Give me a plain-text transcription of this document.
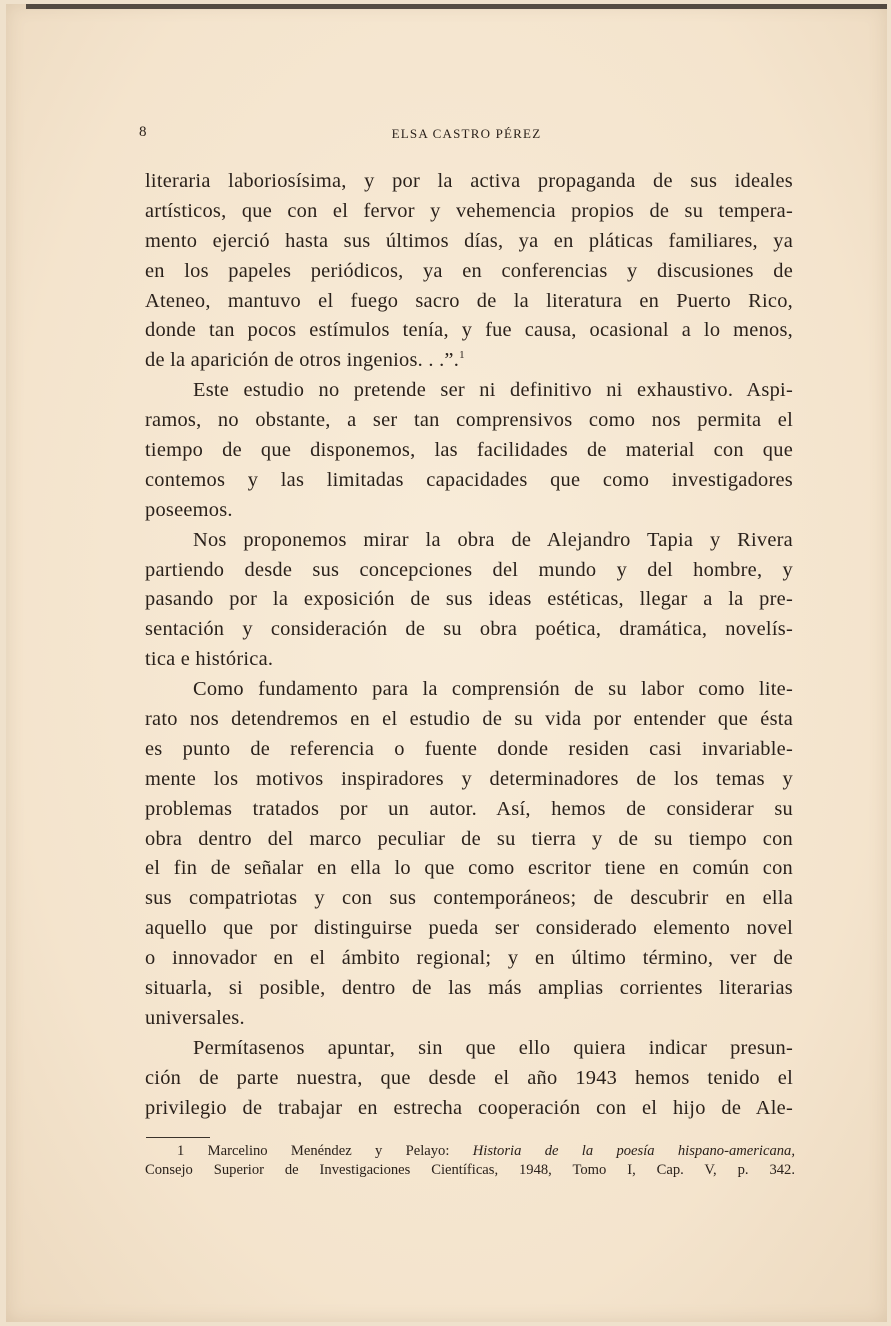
8	ELSA CASTRO PÉREZ
literaria laboriosísima, y por la activa propaganda de sus ideales
artísticos, que con el fervor y vehemencia propios de su tempera-
mento ejerció hasta sus últimos días, ya en pláticas familiares, ya
en los papeles periódicos, ya en conferencias y discusiones de
Ateneo, mantuvo el fuego sacro de la literatura en Puerto Rico,
donde tan pocos estímulos tenía, y fue causa, ocasional a lo menos,
de la aparición de otros ingenios. . .”.$^1$
Este estudio no pretende ser ni definitivo ni exhaustivo. Aspi-
ramos, no obstante, a ser tan comprensivos como nos permita el
tiempo de que disponemos, las facilidades de material con que
contemos y las limitadas capacidades que como investigadores
poseemos.
Nos proponemos mirar la obra de Alejandro Tapia y Rivera
partiendo desde sus concepciones del mundo y del hombre, y
pasando por la exposición de sus ideas estéticas, llegar a la pre-
sentación y consideración de su obra poética, dramática, novelís-
tica e histórica.
Como fundamento para la comprensión de su labor como lite-
rato nos detendremos en el estudio de su vida por entender que ésta
es punto de referencia o fuente donde residen casi invariable-
mente los motivos inspiradores y determinadores de los temas y
problemas tratados por un autor. Así, hemos de considerar su
obra dentro del marco peculiar de su tierra y de su tiempo con
el fin de señalar en ella lo que como escritor tiene en común con
sus compatriotas y con sus contemporáneos; de descubrir en ella
aquello que por distinguirse pueda ser considerado elemento novel
o innovador en el ámbito regional; y en último término, ver de
situarla, si posible, dentro de las más amplias corrientes literarias
universales.
Permítasenos apuntar, sin que ello quiera indicar presun-
ción de parte nuestra, que desde el año 1943 hemos tenido el
privilegio de trabajar en estrecha cooperación con el hijo de Ale-
1 Marcelino Menéndez y Pelayo: Historia de la poesía hispano-americana,
Consejo Superior de Investigaciones Científicas, 1948, Tomo I, Cap. V, p. 342.
